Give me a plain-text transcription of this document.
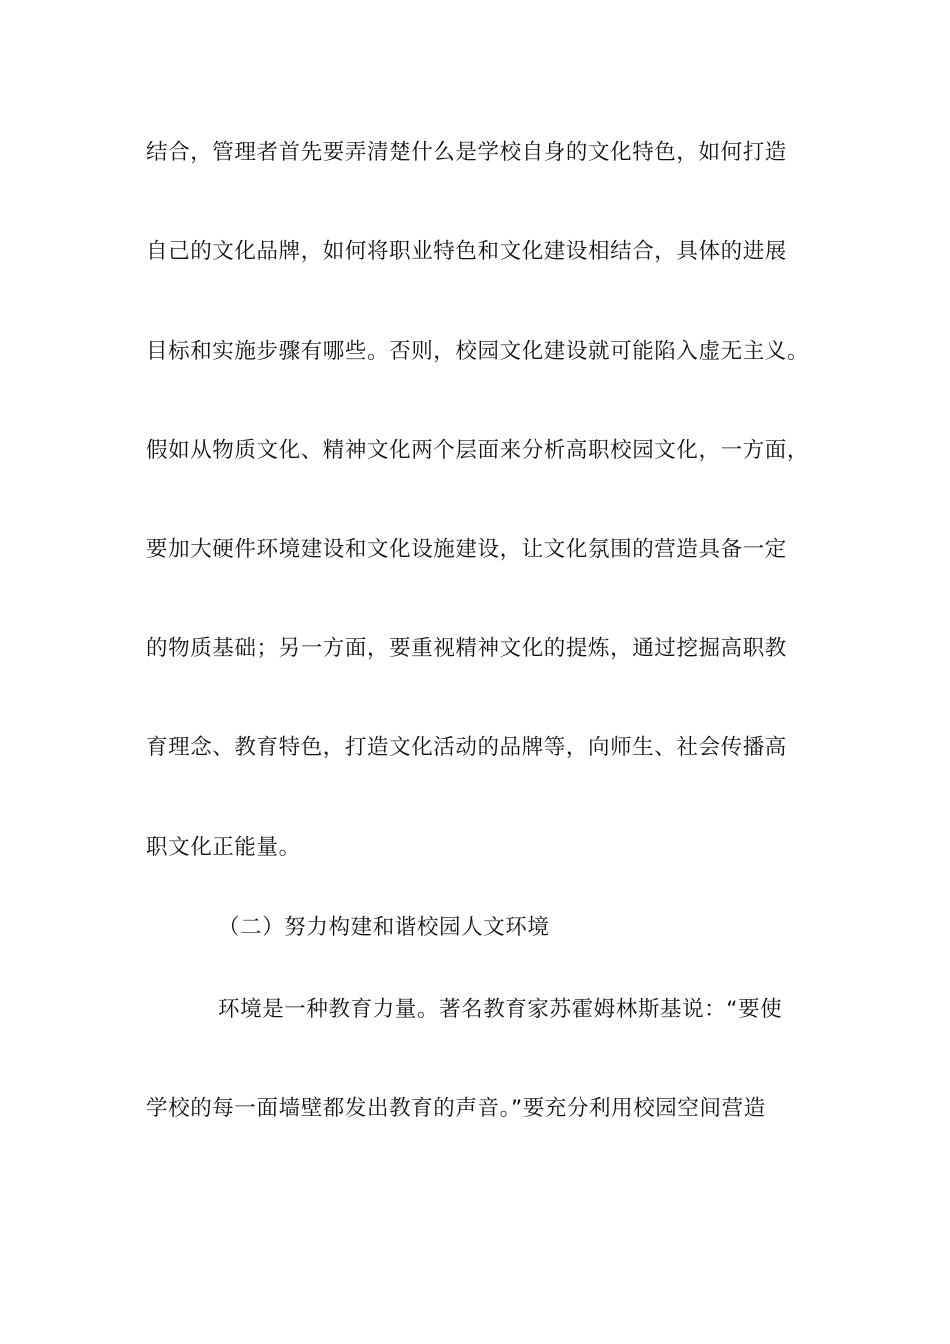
结合，管理者首先要弄清楚什么是学校自身的文化特色，如何打造
自己的文化品牌，如何将职业特色和文化建设相结合，具体的进展
目标和实施步骤有哪些。否则，校园文化建设就可能陷入虚无主义。
假如从物质文化、精神文化两个层面来分析高职校园文化，一方面，
要加大硬件环境建设和文化设施建设，让文化氛围的营造具备一定
的物质基础；另一方面，要重视精神文化的提炼，通过挖掘高职教
育理念、教育特色，打造文化活动的品牌等，向师生、社会传播高
职文化正能量。
（二）努力构建和谐校园人文环境
环境是一种教育力量。著名教育家苏霍姆林斯基说：“要使
学校的每一面墙壁都发出教育的声音。”要充分利用校园空间营造
